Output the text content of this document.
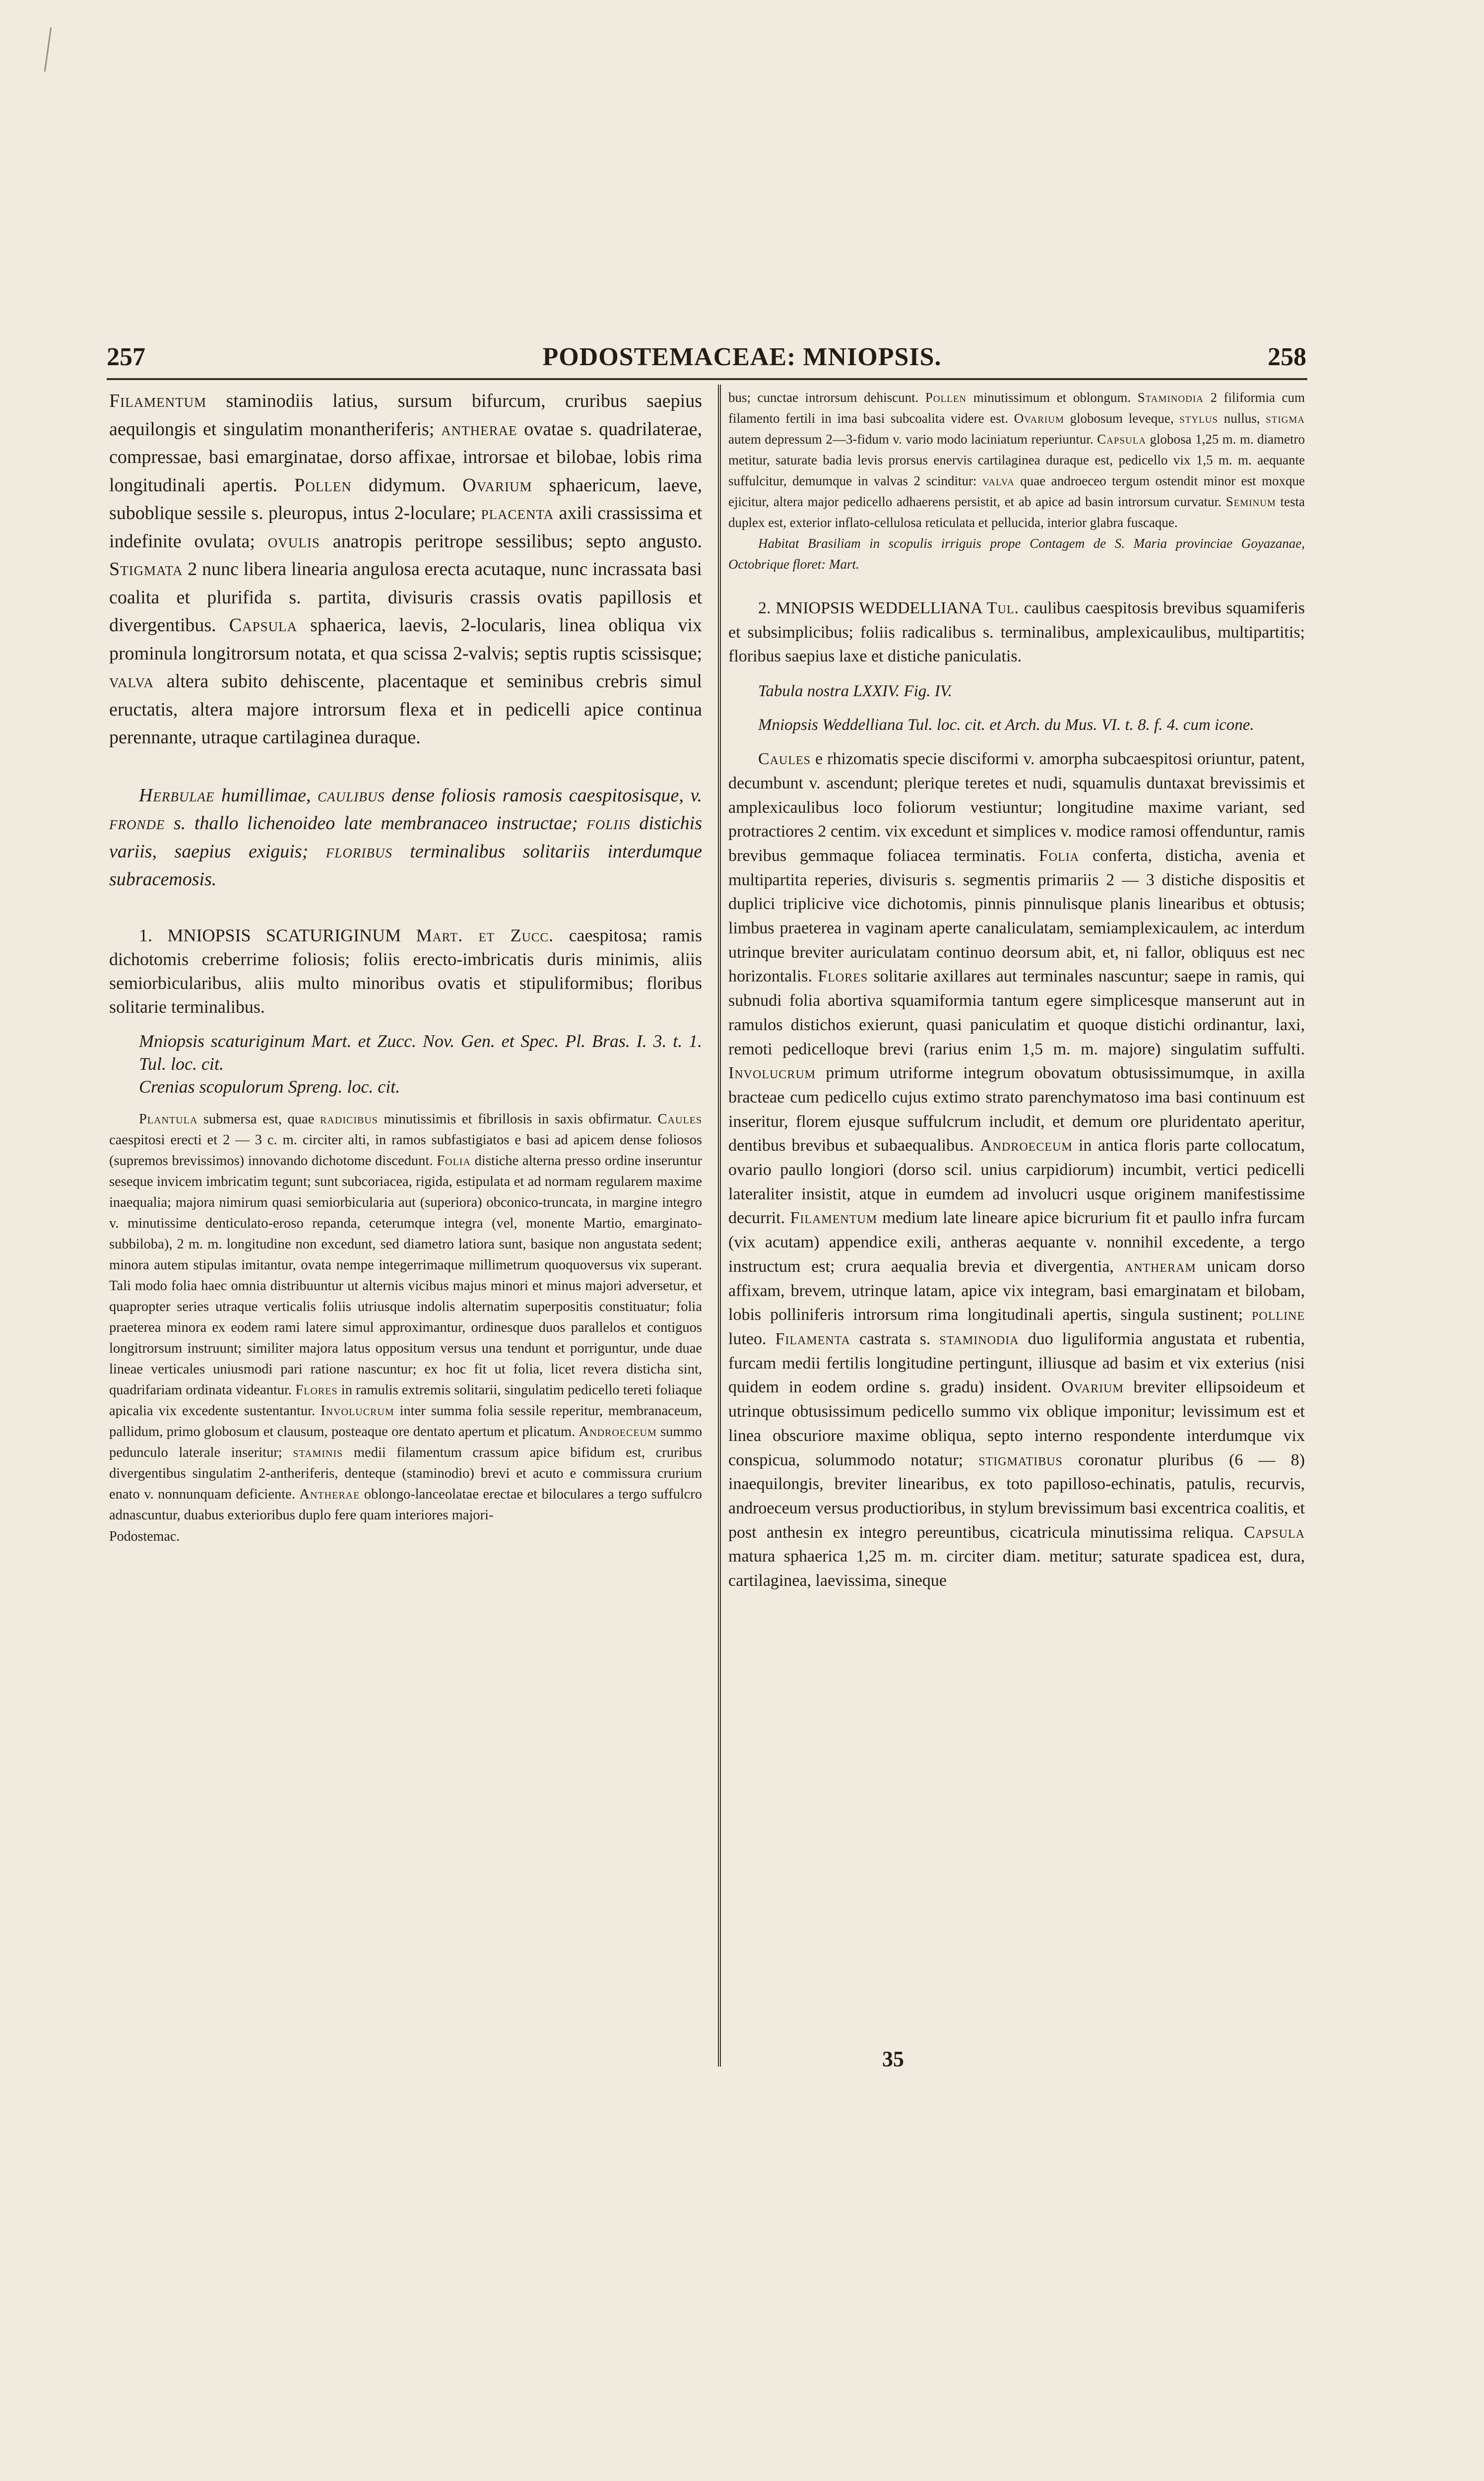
257	PODOSTEMACEAE: MNIOPSIS.	258

Filamentum staminodiis latius, sursum bifurcum, cruribus saepius aequilongis et singulatim monantheriferis; antherae ovatae s. quadrilaterae, compressae, basi emarginatae, dorso affixae, introrsae et bilobae, lobis rima longitudinali apertis. Pollen didymum. Ovarium sphaericum, laeve, suboblique sessile s. pleuropus, intus 2-loculare; placenta axili crassissima et indefinite ovulata; ovulis anatropis peritrope sessilibus; septo angusto. Stigmata 2 nunc libera linearia angulosa erecta acutaque, nunc incrassata basi coalita et plurifida s. partita, divisuris crassis ovatis papillosis et divergentibus. Capsula sphaerica, laevis, 2-locularis, linea obliqua vix prominula longitrorsum notata, et qua scissa 2-valvis; septis ruptis scissisque; valva altera subito dehiscente, placentaque et seminibus crebris simul eructatis, altera majore introrsum flexa et in pedicelli apice continua perennante, utraque cartilaginea duraque.

Herbulae humillimae, caulibus dense foliosis ramosis caespitosisque, v. fronde s. thallo lichenoideo late membranaceo instructae; foliis distichis variis, saepius exiguis; floribus terminalibus solitariis interdumque subracemosis.

1. MNIOPSIS SCATURIGINUM Mart. et Zucc. caespitosa; ramis dichotomis creberrime foliosis; foliis erecto-imbricatis duris minimis, aliis semiorbicularibus, aliis multo minoribus ovatis et stipuliformibus; floribus solitarie terminalibus.

Mniopsis scaturiginum Mart. et Zucc. Nov. Gen. et Spec. Pl. Bras. I. 3. t. 1. Tul. loc. cit.

Crenias scopulorum Spreng. loc. cit.

Plantula submersa est, quae radicibus minutissimis et fibrillosis in saxis obfirmatur. Caules caespitosi erecti et 2 — 3 c. m. circiter alti, in ramos subfastigiatos e basi ad apicem dense foliosos (supremos brevissimos) innovando dichotome discedunt. Folia distiche alterna presso ordine inseruntur seseque invicem imbricatim tegunt; sunt subcoriacea, rigida, estipulata et ad normam regularem maxime inaequalia; majora nimirum quasi semiorbicularia aut (superiora) obconico-truncata, in margine integro v. minutissime denticulato-eroso repanda, ceterumque integra (vel, monente Martio, emarginato-subbiloba), 2 m. m. longitudine non excedunt, sed diametro latiora sunt, basique non angustata sedent; minora autem stipulas imitantur, ovata nempe integerrimaque millimetrum quoquoversus vix superant. Tali modo folia haec omnia distribuuntur ut alternis vicibus majus minori et minus majori adversetur, et quapropter series utraque verticalis foliis utriusque indolis alternatim superpositis constituatur; folia praeterea minora ex eodem rami latere simul approximantur, ordinesque duos parallelos et contiguos longitrorsum instruunt; similiter majora latus oppositum versus una tendunt et porriguntur, unde duae lineae verticales uniusmodi pari ratione nascuntur; ex hoc fit ut folia, licet revera disticha sint, quadrifariam ordinata videantur. Flores in ramulis extremis solitarii, singulatim pedicello tereti foliaque apicalia vix excedente sustentantur. Involucrum inter summa folia sessile reperitur, membranaceum, pallidum, primo globosum et clausum, posteaque ore dentato apertum et plicatum. Androeceum summo pedunculo laterale inseritur; staminis medii filamentum crassum apice bifidum est, cruribus divergentibus singulatim 2-antheriferis, denteque (staminodio) brevi et acuto e commissura crurium enato v. nonnunquam deficiente. Antherae oblongo-lanceolatae erectae et biloculares a tergo suffulcro adnascuntur, duabus exterioribus duplo fere quam interiores majori-

Podostemac.

bus; cunctae introrsum dehiscunt. Pollen minutissimum et oblongum. Staminodia 2 filiformia cum filamento fertili in ima basi subcoalita videre est. Ovarium globosum leveque, stylus nullus, stigma autem depressum 2—3-fidum v. vario modo laciniatum reperiuntur. Capsula globosa 1,25 m. m. diametro metitur, saturate badia levis prorsus enervis cartilaginea duraque est, pedicello vix 1,5 m. m. aequante suffulcitur, demumque in valvas 2 scinditur: valva quae androeceo tergum ostendit minor est moxque ejicitur, altera major pedicello adhaerens persistit, et ab apice ad basin introrsum curvatur. Seminum testa duplex est, exterior inflato-cellulosa reticulata et pellucida, interior glabra fuscaque.

Habitat Brasiliam in scopulis irriguis prope Contagem de S. Maria provinciae Goyazanae, Octobrique floret: Mart.

2. MNIOPSIS WEDDELLIANA Tul. caulibus caespitosis brevibus squamiferis et subsimplicibus; foliis radicalibus s. terminalibus, amplexicaulibus, multipartitis; floribus saepius laxe et distiche paniculatis.

Tabula nostra LXXIV. Fig. IV.

Mniopsis Weddelliana Tul. loc. cit. et Arch. du Mus. VI. t. 8. f. 4. cum icone.

Caules e rhizomatis specie disciformi v. amorpha subcaespitosi oriuntur, patent, decumbunt v. ascendunt; plerique teretes et nudi, squamulis duntaxat brevissimis et amplexicaulibus loco foliorum vestiuntur; longitudine maxime variant, sed protractiores 2 centim. vix excedunt et simplices v. modice ramosi offenduntur, ramis brevibus gemmaque foliacea terminatis. Folia conferta, disticha, avenia et multipartita reperies, divisuris s. segmentis primariis 2 — 3 distiche dispositis et duplici triplicive vice dichotomis, pinnis pinnulisque planis linearibus et obtusis; limbus praeterea in vaginam aperte canaliculatam, semiamplexicaulem, ac interdum utrinque breviter auriculatam continuo deorsum abit, et, ni fallor, obliquus est nec horizontalis. Flores solitarie axillares aut terminales nascuntur; saepe in ramis, qui subnudi folia abortiva squamiformia tantum egere simplicesque manserunt aut in ramulos distichos exierunt, quasi paniculatim et quoque distichi ordinantur, laxi, remoti pedicelloque brevi (rarius enim 1,5 m. m. majore) singulatim suffulti. Involucrum primum utriforme integrum obovatum obtusissimumque, in axilla bracteae cum pedicello cujus extimo strato parenchymatoso ima basi continuum est inseritur, florem ejusque suffulcrum includit, et demum ore pluridentato aperitur, dentibus brevibus et subaequalibus. Androeceum in antica floris parte collocatum, ovario paullo longiori (dorso scil. unius carpidiorum) incumbit, vertici pedicelli lateraliter insistit, atque in eumdem ad involucri usque originem manifestissime decurrit. Filamentum medium late lineare apice bicrurium fit et paullo infra furcam (vix acutam) appendice exili, antheras aequante v. nonnihil excedente, a tergo instructum est; crura aequalia brevia et divergentia, antheram unicam dorso affixam, brevem, utrinque latam, apice vix integram, basi emarginatam et bilobam, lobis polliniferis introrsum rima longitudinali apertis, singula sustinent; polline luteo. Filamenta castrata s. staminodia duo liguliformia angustata et rubentia, furcam medii fertilis longitudine pertingunt, illiusque ad basim et vix exterius (nisi quidem in eodem ordine s. gradu) insident. Ovarium breviter ellipsoideum et utrinque obtusissimum pedicello summo vix oblique imponitur; levissimum est et linea obscuriore maxime obliqua, septo interno respondente interdumque vix conspicua, solummodo notatur; stigmatibus coronatur pluribus (6 — 8) inaequilongis, breviter linearibus, ex toto papilloso-echinatis, patulis, recurvis, androeceum versus productioribus, in stylum brevissimum basi excentrica coalitis, et post anthesin ex integro pereuntibus, cicatricula minutissima reliqua. Capsula matura sphaerica 1,25 m. m. circiter diam. metitur; saturate spadicea est, dura, cartilaginea, laevissima, sineque

35
